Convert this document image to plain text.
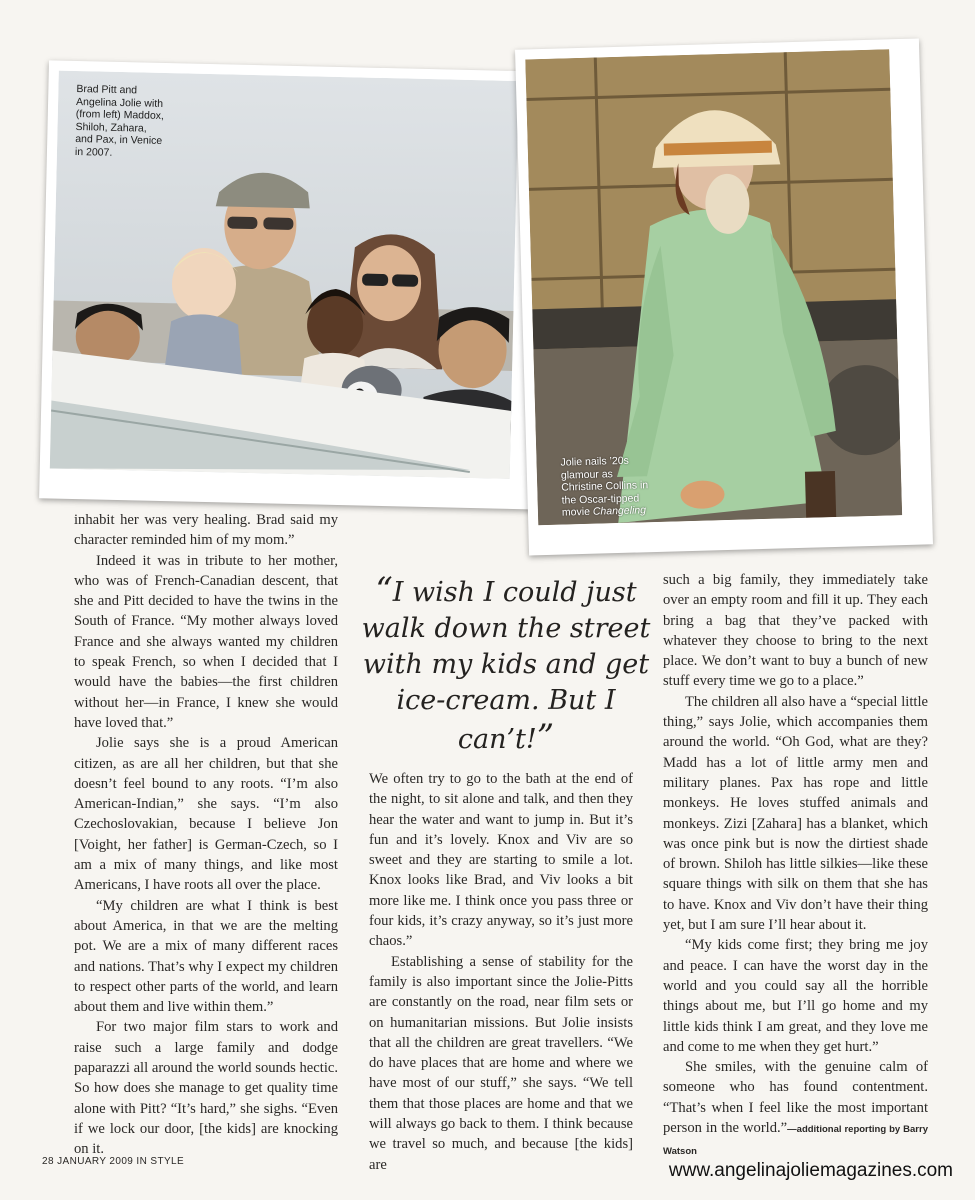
Brad Pitt and Angelina Jolie with (from left) Maddox, Shiloh, Zahara, and Pax, in Venice in 2007.
Jolie nails ’20s glamour as Christine Collins in the Oscar-tipped movie Changeling

inhabit her was very healing. Brad said my character reminded him of my mom.”

Indeed it was in tribute to her mother, who was of French-Canadian descent, that she and Pitt decided to have the twins in the South of France. “My mother always loved France and she always wanted my children to speak French, so when I decided that I would have the babies—the first children without her—in France, I knew she would have loved that.”

Jolie says she is a proud American citizen, as are all her children, but that she doesn’t feel bound to any roots. “I’m also American-Indian,” she says. “I’m also Czechoslovakian, because I believe Jon [Voight, her father] is German-Czech, so I am a mix of many things, and like most Americans, I have roots all over the place.

“My children are what I think is best about America, in that we are the melting pot. We are a mix of many different races and nations. That’s why I expect my children to respect other parts of the world, and learn about them and live within them.”

For two major film stars to work and raise such a large family and dodge paparazzi all around the world sounds hectic. So how does she manage to get quality time alone with Pitt? “It’s hard,” she sighs. “Even if we lock our door, [the kids] are knocking on it.

“I wish I could just walk down the street with my kids and get ice-cream. But I can’t!”

We often try to go to the bath at the end of the night, to sit alone and talk, and then they hear the water and want to jump in. But it’s fun and it’s lovely. Knox and Viv are so sweet and they are starting to smile a lot. Knox looks like Brad, and Viv looks a bit more like me. I think once you pass three or four kids, it’s crazy anyway, so it’s just more chaos.”

Establishing a sense of stability for the family is also important since the Jolie-Pitts are constantly on the road, near film sets or on humanitarian missions. But Jolie insists that all the children are great travellers. “We do have places that are home and where we have most of our stuff,” she says. “We tell them that those places are home and that we will always go back to them. I think because we travel so much, and because [the kids] are

such a big family, they immediately take over an empty room and fill it up. They each bring a bag that they’ve packed with whatever they choose to bring to the next place. We don’t want to buy a bunch of new stuff every time we go to a place.”

The children all also have a “special little thing,” says Jolie, which accompanies them around the world. “Oh God, what are they? Madd has a lot of little army men and military planes. Pax has rope and little monkeys. He loves stuffed animals and monkeys. Zizi [Zahara] has a blanket, which was once pink but is now the dirtiest shade of brown. Shiloh has little silkies—like these square things with silk on them that she has to have. Knox and Viv don’t have their thing yet, but I am sure I’ll hear about it.

“My kids come first; they bring me joy and peace. I can have the worst day in the world and you could say all the horrible things about me, but I’ll go home and my little kids think I am great, and they love me and come to me when they get hurt.”

She smiles, with the genuine calm of someone who has found contentment. “That’s when I feel like the most important person in the world.”—additional reporting by Barry Watson

28 JANUARY 2009 IN STYLE	www.angelinajoliemagazines.com
